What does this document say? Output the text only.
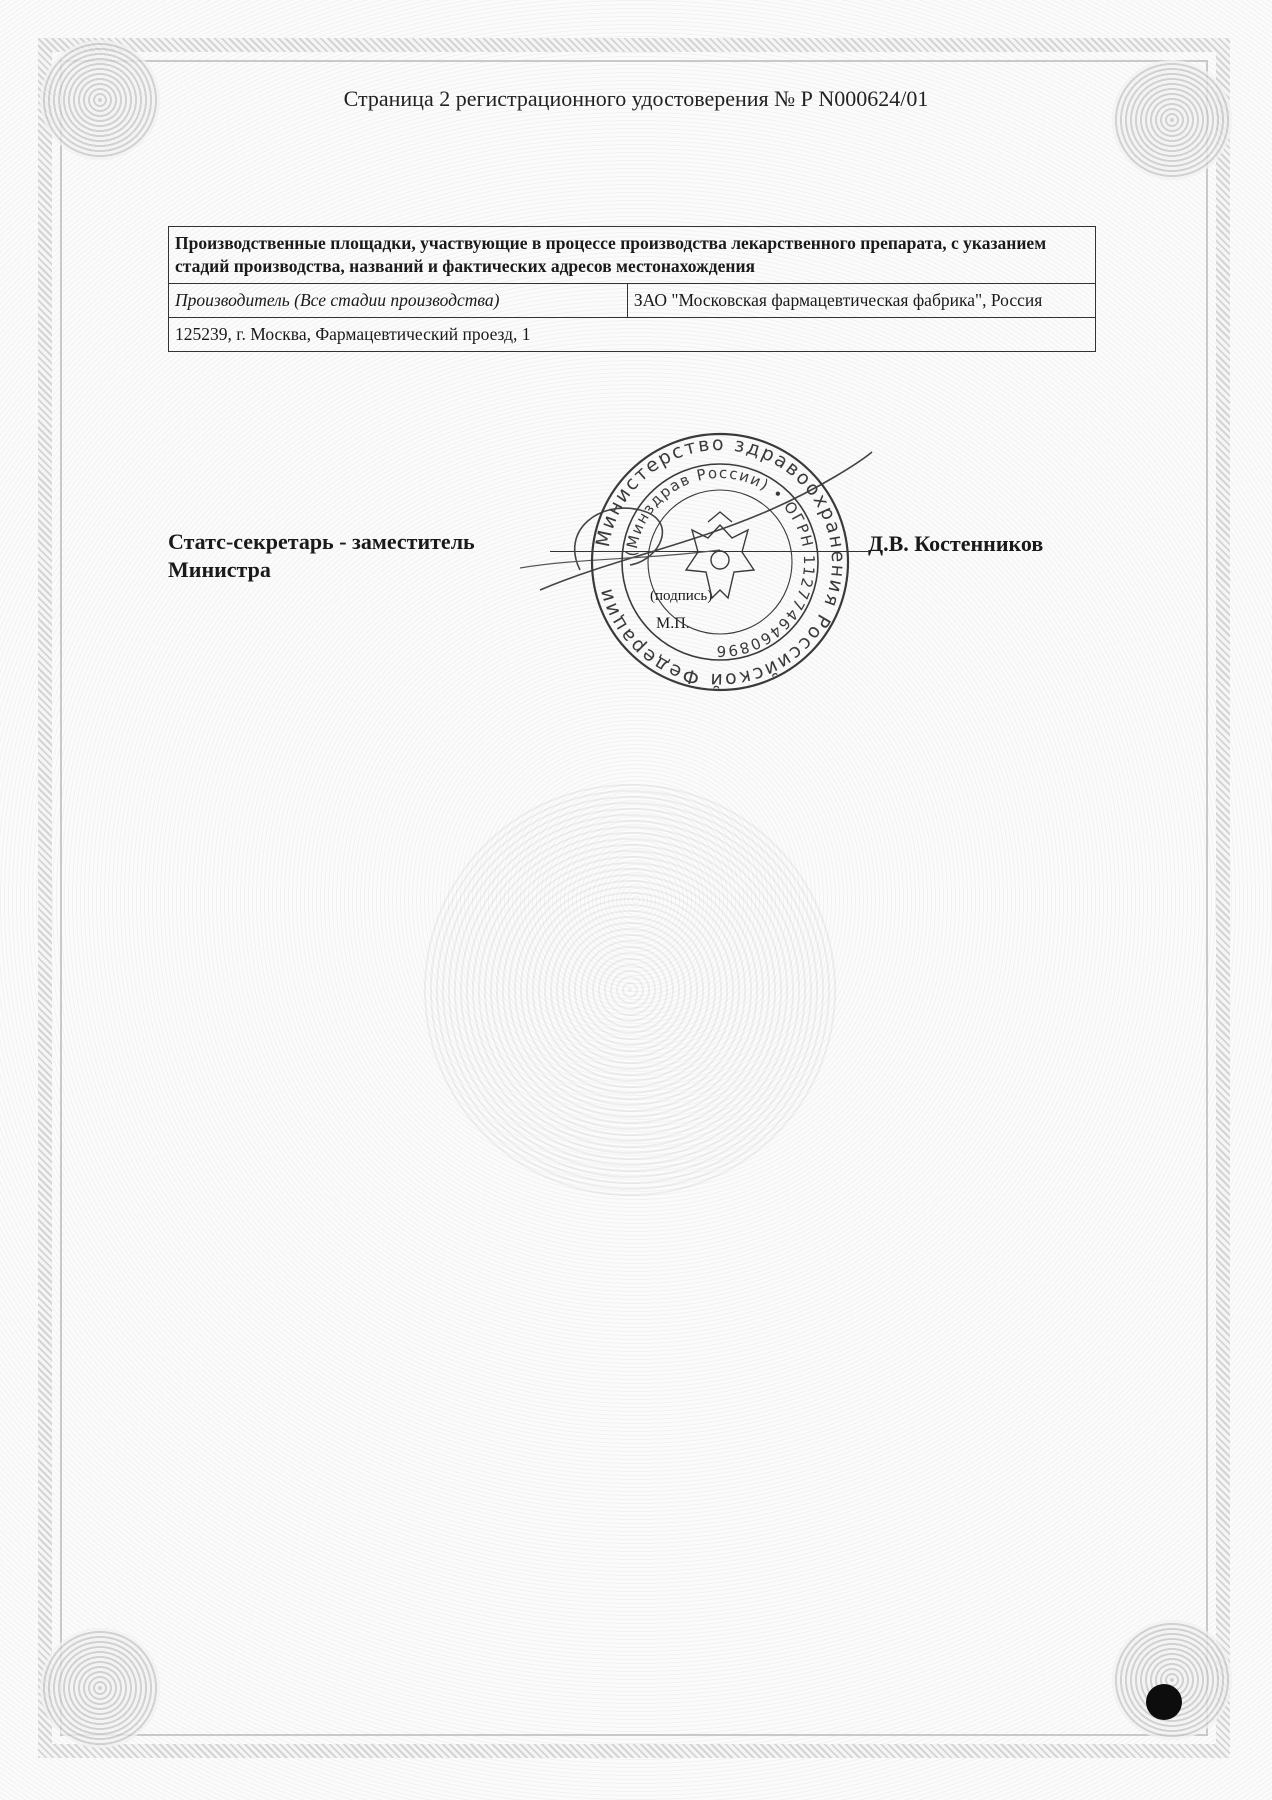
Страница 2 регистрационного удостоверения № Р N000624/01
Производственные площадки, участвующие в процессе производства лекарственного препарата, с указанием стадий производства, названий и фактических адресов местонахождения
Производитель (Все стадии производства)	ЗАО "Московская фармацевтическая фабрика", Россия
125239, г. Москва, Фармацевтический проезд, 1
Статс-секретарь - заместитель Министра
(подпись)
М.П.
Д.В. Костенников
Министерство здравоохранения Российской Федерации
(Минздрав России) • ОГРН 1127746460896
